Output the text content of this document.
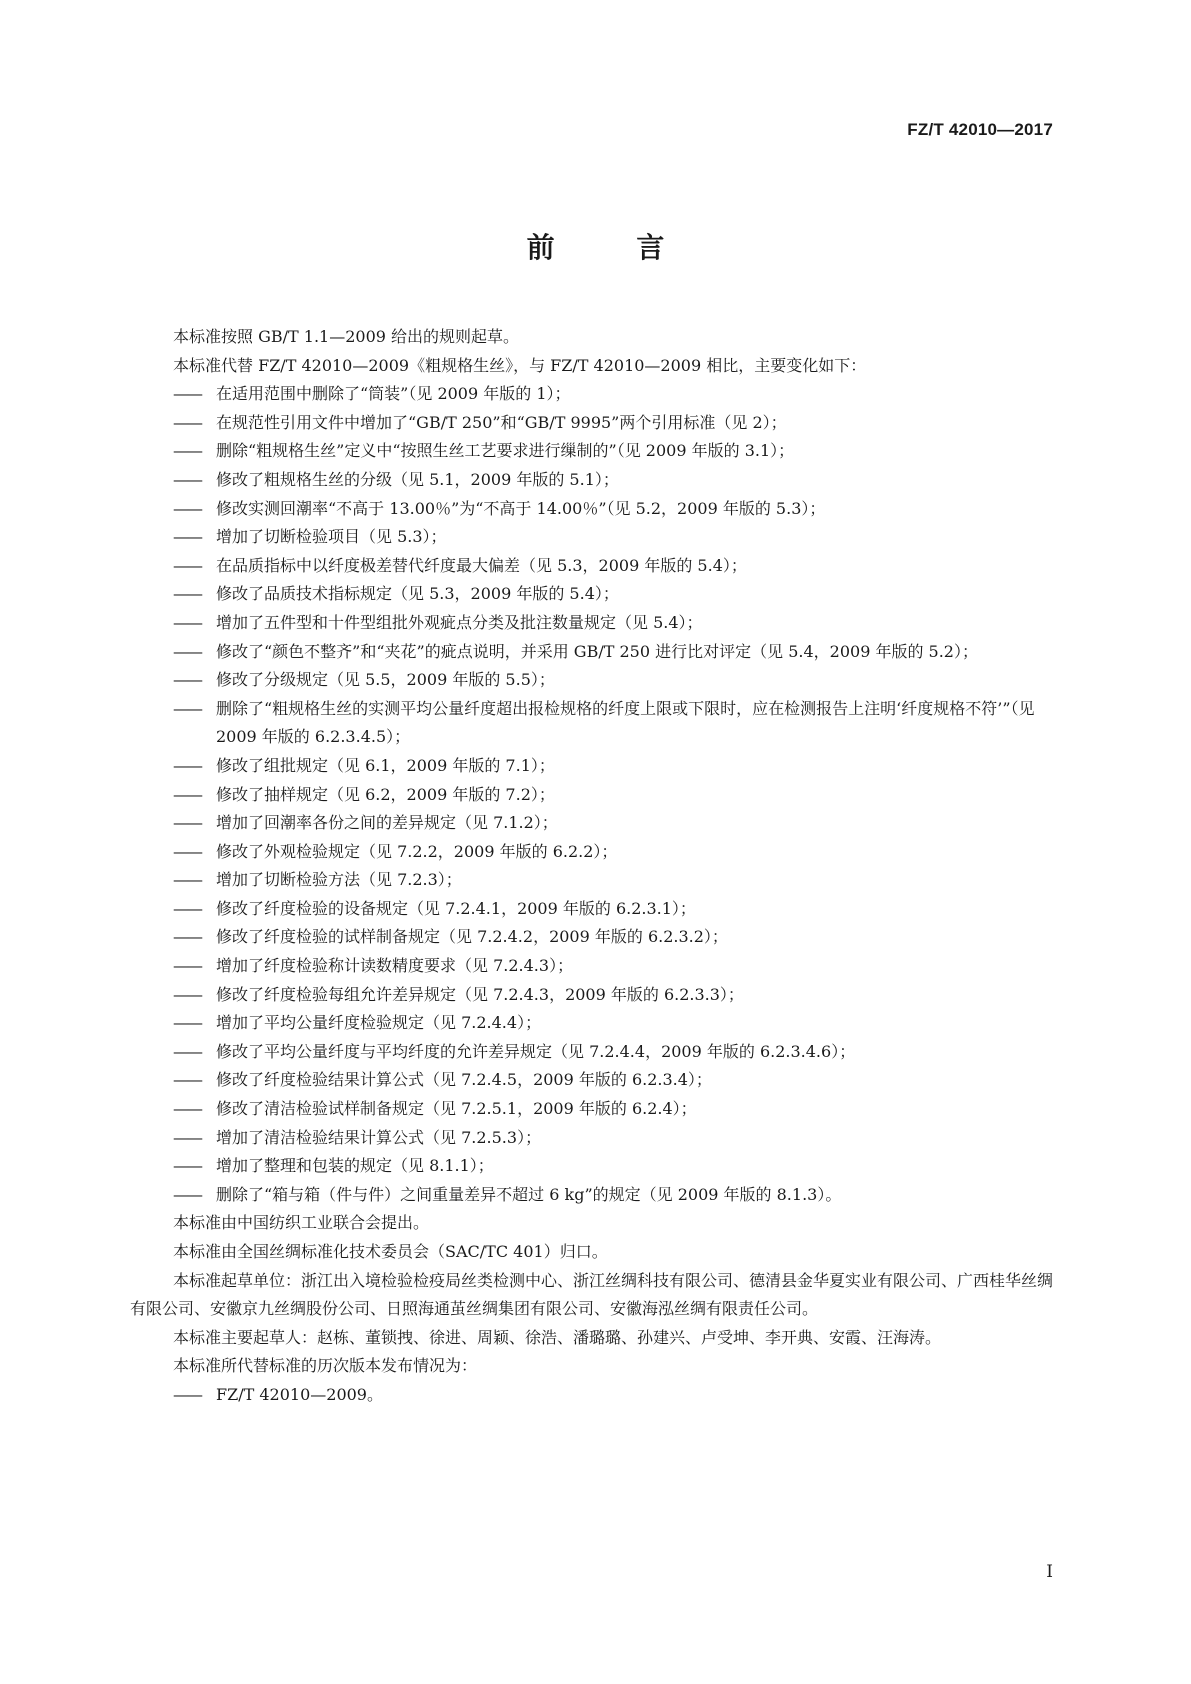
FZ/T 42010—2017
前 言

本标准按照 GB/T 1.1—2009 给出的规则起草。

本标准代替 FZ/T 42010—2009《粗规格生丝》，与 FZ/T 42010—2009 相比，主要变化如下：

—— 在适用范围中删除了“筒装”（见 2009 年版的 1）；

—— 在规范性引用文件中增加了“GB/T 250”和“GB/T 9995”两个引用标准（见 2）；

—— 删除“粗规格生丝”定义中“按照生丝工艺要求进行缫制的”（见 2009 年版的 3.1）；

—— 修改了粗规格生丝的分级（见 5.1，2009 年版的 5.1）；

—— 修改实测回潮率“不高于 13.00％”为“不高于 14.00％”（见 5.2，2009 年版的 5.3）；

—— 增加了切断检验项目（见 5.3）；

—— 在品质指标中以纤度极差替代纤度最大偏差（见 5.3，2009 年版的 5.4）；

—— 修改了品质技术指标规定（见 5.3，2009 年版的 5.4）；

—— 增加了五件型和十件型组批外观疵点分类及批注数量规定（见 5.4）；

—— 修改了“颜色不整齐”和“夹花”的疵点说明，并采用 GB/T 250 进行比对评定（见 5.4，2009 年版的 5.2）；

—— 修改了分级规定（见 5.5，2009 年版的 5.5）；

—— 删除了“粗规格生丝的实测平均公量纤度超出报检规格的纤度上限或下限时，应在检测报告上注明‘纤度规格不符’”（见 2009 年版的 6.2.3.4.5）；

—— 修改了组批规定（见 6.1，2009 年版的 7.1）；

—— 修改了抽样规定（见 6.2，2009 年版的 7.2）；

—— 增加了回潮率各份之间的差异规定（见 7.1.2）；

—— 修改了外观检验规定（见 7.2.2，2009 年版的 6.2.2）；

—— 增加了切断检验方法（见 7.2.3）；

—— 修改了纤度检验的设备规定（见 7.2.4.1，2009 年版的 6.2.3.1）；

—— 修改了纤度检验的试样制备规定（见 7.2.4.2，2009 年版的 6.2.3.2）；

—— 增加了纤度检验称计读数精度要求（见 7.2.4.3）；

—— 修改了纤度检验每组允许差异规定（见 7.2.4.3，2009 年版的 6.2.3.3）；

—— 增加了平均公量纤度检验规定（见 7.2.4.4）；

—— 修改了平均公量纤度与平均纤度的允许差异规定（见 7.2.4.4，2009 年版的 6.2.3.4.6）；

—— 修改了纤度检验结果计算公式（见 7.2.4.5，2009 年版的 6.2.3.4）；

—— 修改了清洁检验试样制备规定（见 7.2.5.1，2009 年版的 6.2.4）；

—— 增加了清洁检验结果计算公式（见 7.2.5.3）；

—— 增加了整理和包装的规定（见 8.1.1）；

—— 删除了“箱与箱（件与件）之间重量差异不超过 6 kg”的规定（见 2009 年版的 8.1.3）。

本标准由中国纺织工业联合会提出。

本标准由全国丝绸标准化技术委员会（SAC/TC 401）归口。

本标准起草单位：浙江出入境检验检疫局丝类检测中心、浙江丝绸科技有限公司、德清县金华夏实业有限公司、广西桂华丝绸有限公司、安徽京九丝绸股份公司、日照海通茧丝绸集团有限公司、安徽海泓丝绸有限责任公司。

本标准主要起草人：赵栋、董锁拽、徐进、周颖、徐浩、潘璐璐、孙建兴、卢受坤、李开典、安霞、汪海涛。

本标准所代替标准的历次版本发布情况为：

—— FZ/T 42010—2009。

I
